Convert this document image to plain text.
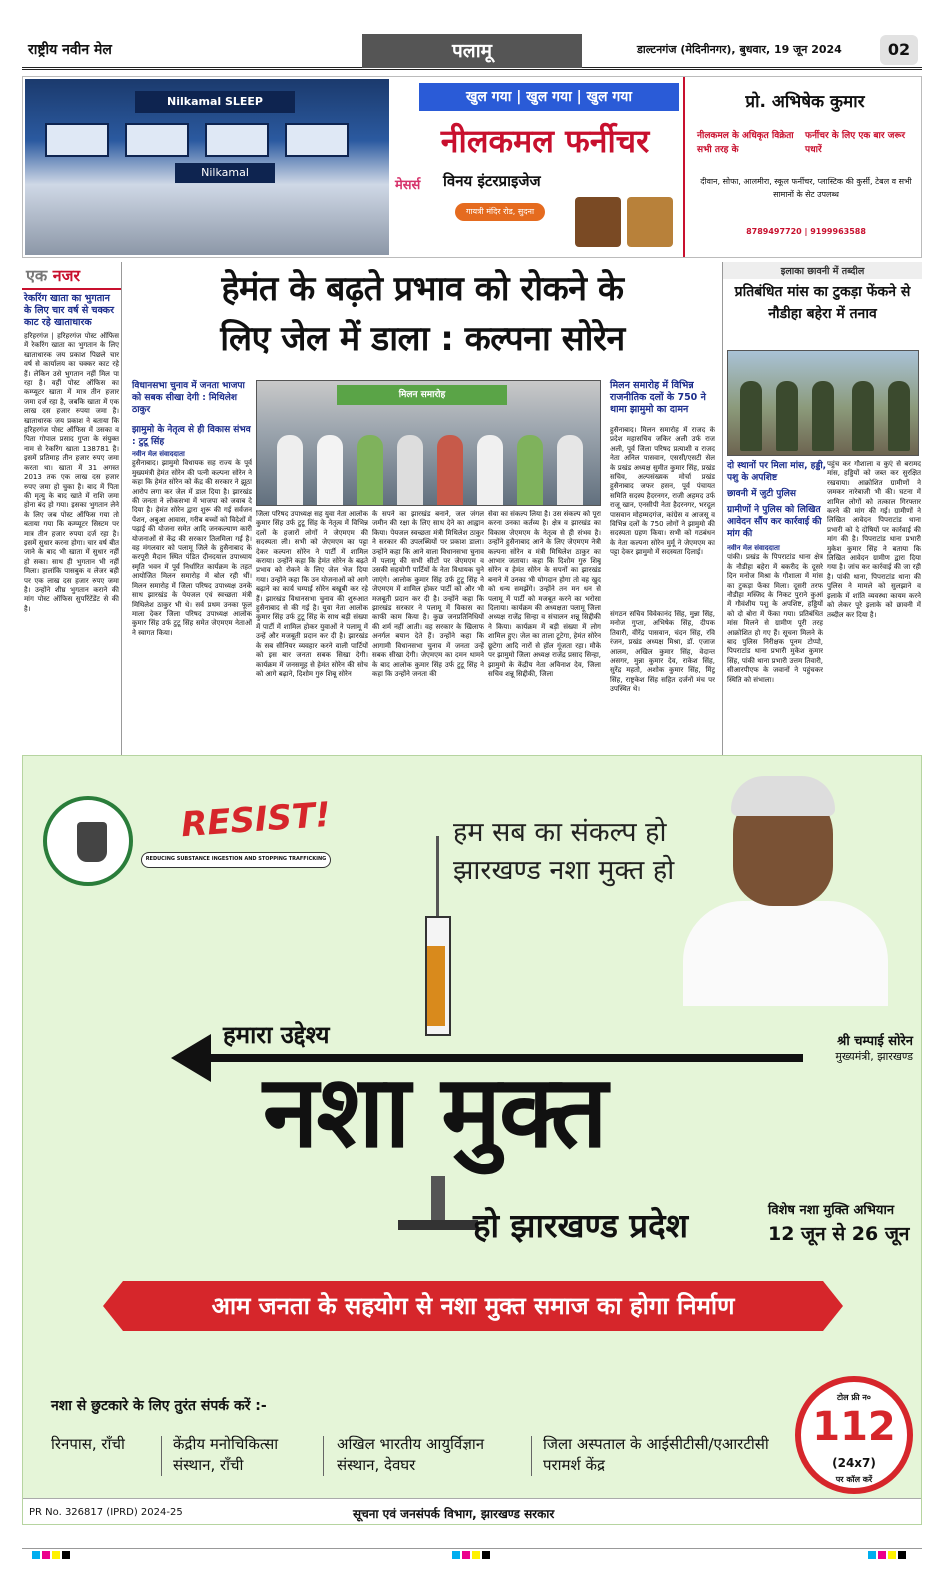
राष्ट्रीय नवीन मेल	पलामू	डाल्टनगंज (मेदिनीनगर), बुधवार, 19 जून 2024	02
Nilkamal SLEEP
Nilkamal
खुल गया | खुल गया | खुल गया
नीलकमल फर्नीचर
मेसर्स विनय इंटरप्राइजेज
गायत्री मंदिर रोड, सुदना
प्रो. अभिषेक कुमार
नीलकमल के अधिकृत विक्रेता सभी तरह के
फर्नीचर के लिए एक बार जरूर पधारें
दीवान, सोफा, आलमीरा, स्कूल फर्नीचर, प्लास्टिक की कुर्सी, टेबल व सभी सामानों के सेट उपलब्ध
8789497720 | 9199963588
एक नजर
रेकरिंग खाता का भुगतान के लिए चार वर्ष से चक्कर काट रहे खाताधारक
हरिहरगंज | हरिहरगंज पोस्ट ऑफिस में रेकरिंग खाता का भुगतान के लिए खाताधारक जय प्रकाश पिछले चार वर्ष से कार्यालय का चक्कर काट रहे हैं। लेकिन उसे भुगतान नहीं मिल पा रहा है। वहीं पोस्ट ऑफिस का कम्प्यूटर खाता में मात्र तीन हजार जमा दर्ज रहा है, जबकि खाता में एक लाख दस हजार रुपया जमा है। खाताधारक जय प्रकाश ने बताया कि हरिहरगंज पोस्ट ऑफिस में उसका व पिता गोपाल प्रसाद गुप्ता के संयुक्त नाम से रेकरिंग खाता 138781 है। इसमें प्रतिमाह तीन हजार रुपए जमा करता था। खाता में 31 अगस्त 2013 तक एक लाख दस हजार रुपए जमा हो चुका है। बाद में पिता की मृत्यु के बाद खाते में राशि जमा होना बंद हो गया। इसका भुगतान लेने के लिए जब पोस्ट ऑफिस गया तो बताया गया कि कम्प्यूटर सिस्टम पर मात्र तीन हजार रुपया दर्ज रहा है। इसमें सुधार करना होगा। चार वर्ष बीत जाने के बाद भी खाता में सुधार नहीं हो सका। साथ ही भुगतान भी नहीं मिला। हालांकि पासबुक व लेजर बही पर एक लाख दस हजार रुपए जमा है। उन्होंने शीघ्र भुगतान कराने की मांग पोस्ट ऑफिस सुपरिंटेंडेंट से की है।
हेमंत के बढ़ते प्रभाव को रोकने के
लिए जेल में डाला : कल्पना सोरेन

विधानसभा चुनाव में जनता भाजपा को सबक सीखा देगी : मिथिलेश ठाकुर

झामुमो के नेतृत्व से ही विकास संभव : टुटू सिंह

मिलन समारोह
मिलन समारोह में विभिन्न राजनीतिक दलों के 750 ने थामा झामुमो का दामन
नवीन मेल संवाददाता
हुसैनाबाद। झामुमो विधायक सह राज्य के पूर्व मुख्यमंत्री हेमंत सोरेन की पत्नी कल्पना सोरेन ने कहा कि हेमंत सोरेन को केंद्र की सरकार ने झूठा आरोप लगा कर जेल में डाल दिया है। झारखंड की जनता ने लोकसभा में भाजपा को जवाब दे दिया है। हेमंत सोरेन द्वारा शुरू की गई सर्वजन पेंशन, अबुआ आवास, गरीब बच्चों को विदेशों में पढ़ाई की योजना समेत आदि जनकल्याण कारी योजनाओं से केंद्र की सरकार तिलमिला गई है। वह मंगलवार को पलामू जिले के हुसैनाबाद के करपूरी मैदान स्थित पंडित दीनदयाल उपाध्याय स्मृति भवन में पूर्व निर्धारित कार्यक्रम के तहत आयोजित मिलन समारोह में बोल रही थीं। मिलन समारोह में जिला परिषद उपाध्यक्ष उनके साथ झारखंड के पेयजल एवं स्वच्छता मंत्री मिथिलेश ठाकुर भी थे। सर्व प्रथम उनका फूल माला देकर जिला परिषद उपाध्यक्ष आलोक कुमार सिंह उर्फ टुटू सिंह समेत जेएमएम नेताओं ने स्वागत किया।
जिला परिषद उपाध्यक्ष सह युवा नेता आलोक कुमार सिंह उर्फ टुटू सिंह के नेतृत्व में विभिन्न दलों के हजारों लोगों ने जेएमएम की सदस्यता ली। सभी को जेएमएम का पट्टा देकर कल्पना सोरेन ने पार्टी में शामिल कराया। उन्होंने कहा कि हेमंत सोरेन के बढ़ते प्रभाव को रोकने के लिए जेल भेज दिया गया। उन्होंने कहा कि उन योजनाओं को आगे बढ़ाने का कार्य चम्पाई सोरेन बखूबी कर रहे हैं। झारखंड विधानसभा चुनाव की शुरुआत हुसैनाबाद से की गई है। युवा नेता आलोक कुमार सिंह उर्फ टुटू सिंह के साथ बड़ी संख्या में पार्टी में शामिल होकर युवाओं ने पलामू में उन्हें और मजबूती प्रदान कर दी है। झारखंड के सब सीनियर व्यवहार करने वाली पार्टियों को इस बार जनता सबक सिखा देगी। कार्यक्रम में जनसमूह से हेमंत सोरेन की सोच को आगे बढ़ाने, दिशोम गुरु शिबू सोरेन
के सपने का झारखंड बनाने, जल जंगल जमीन की रक्षा के लिए साथ देने का आह्वान किया। पेयजल स्वच्छता मंत्री मिथिलेश ठाकुर ने सरकार की उपलब्धियों पर प्रकाश डाला। उन्होंने कहा कि आने वाला विधानसभा चुनाव में पलामू की सभी सीटों पर जेएमएम व उसकी सहयोगी पार्टियों के नेता विधायक चुने जाएंगे। आलोक कुमार सिंह उर्फ टुटू सिंह ने जेएमएम में शामिल होकर पार्टी को और भी मजबूती प्रदान कर दी है। उन्होंने कहा कि झारखंड सरकार ने पलामू में विकास का काफी काम किया है। कुछ जनप्रतिनिधियों की शर्म नहीं आती। वह सरकार के खिलाफ अनर्गल बयान देते हैं। उन्होंने कहा कि आगामी विधानसभा चुनाव में जनता उन्हें सबक सीखा देगी। जेएमएम का दमन थामने के बाद आलोक कुमार सिंह उर्फ टुटू सिंह ने कहा कि उन्होंने जनता की
सेवा का संकल्प लिया है। उस संकल्प को पूरा करना उनका कर्तव्य है। क्षेत्र व झारखंड का विकास जेएमएम के नेतृत्व से ही संभव है। उन्होंने हुसैनाबाद आने के लिए जेएमएम नेत्री कल्पना सोरेन व मंत्री मिथिलेश ठाकुर का आभार जताया। कहा कि दिशोम गुरु शिबू सोरेन व हेमंत सोरेन के सपनों का झारखंड बनाने में उनका भी योगदान होगा तो वह खुद को धन्य समझेंगे। उन्होंने तन मन धन से पलामू में पार्टी को मजबूत करने का भरोसा दिलाया। कार्यक्रम की अध्यक्षता पलामू जिला अध्यक्ष राजेंद्र सिन्हा व संचालन शन्नू सिद्दीकी ने किया। कार्यक्रम में बड़ी संख्या में लोग शामिल हुए। जेल का ताला टूटेगा, हेमंत सोरेन छूटेगा आदि नारों से हॉल गूंजता रहा। मौके पर झामुमो जिला अध्यक्ष राजेंद्र प्रसाद सिन्हा, झामुमो के केंद्रीय नेता अविनाश देव, जिला सचिव शन्नू सिद्दीकी, जिला
हुसैनाबाद। मिलन समारोह में राजद के प्रदेश महासचिव जकिर अली उर्फ राज अली, पूर्व जिला परिषद प्रत्याशी व राजद नेता अनिल पासवान, एससी/एसटी सेल के प्रखंड अध्यक्ष सुमीत कुमार सिंह, प्रखंड सचिव, अल्पसंख्यक मोर्चा प्रखंड हुसैनाबाद जफर हसन, पूर्व पंचायत समिति सदस्य हैदरनगर, राजी अहमद उर्फ राजू खान, एनसीपी नेता हैदरनगर, भरदूल पासवान मोहम्मदगंज, कांग्रेस व आजसू व विभिन्न दलों के 750 लोगों ने झामुमो की सदस्यता ग्रहण किया। सभी को गठबंधन के नेता कल्पना सोरेन मुर्मू ने जेएमएम का पट्टा देकर झामुमो में सदस्यता दिलाई।
संगठन सचिव विवेकानंद सिंह, मुन्ना सिंह, मनोज गुप्ता, अभिषेक सिंह, दीपक तिवारी, वीरेंद्र पासवान, चंदन सिंह, रवि रंजन, प्रखंड अध्यक्ष मिश्रा, डॉ. एजाज आलम, अखिल कुमार सिंह, वेदान्त असगर, मुन्ना कुमार देव, राकेश सिंह, सुरेंद्र महतो, अशोक कुमार सिंह, मिंटू सिंह, राष्ट्रकेश सिंह सहित दर्जनों मंच पर उपस्थित थे।
इलाका छावनी में तब्दील
प्रतिबंधित मांस का टुकड़ा फेंकने से नौडीहा बहेरा में तनाव
दो स्थानों पर मिला मांस, हड्डी, पशु के अपशिष्ट
छावनी में जुटी पुलिस
ग्रामीणों ने पुलिस को लिखित आवेदन सौंप कर कार्रवाई की मांग की
नवीन मेल संवाददाता
पांकी। प्रखंड के पिपराटांड थाना क्षेत्र के नौडीहा बहेरा में बकरीद के दूसरे दिन मनोज मिश्रा के गौशाला में मांस का टुकड़ा फेंका मिला। दूसरी तरफ नौडीहा मस्जिद के निकट पुराने कुआं में गौवंशीय पशु के अपशिष्ट, हड्डियों को दो बोरा में फेंका गया। प्रतिबंधित मांस मिलने से ग्रामीण पूरी तरह आक्रोशित हो गए हैं। सूचना मिलने के बाद पुलिस निरीक्षक पूनम टोप्पो, पिपराटांड थाना प्रभारी मुकेश कुमार सिंह, पांकी थाना प्रभारी उत्तम तिवारी, सीआरपीएफ के जवानों ने पहुंचकर स्थिति को संभाला।
पहुंच कर गौशाला व कुएं से बरामद मांस, हड्डियों को जब्त कर सुरक्षित रखवाया। आक्रोशित ग्रामीणों ने जमकर नारेबाजी भी की। घटना में शामिल लोगों को तत्काल गिरफ्तार करने की मांग की गई। ग्रामीणों ने लिखित आवेदन पिपराटांड थाना प्रभारी को दे दोषियों पर कार्रवाई की मांग की है। पिपराटांड थाना प्रभारी मुकेश कुमार सिंह ने बताया कि लिखित आवेदन ग्रामीण द्वारा दिया गया है। जांच कर कार्रवाई की जा रही है। पांकी थाना, पिपराटांड थाना की पुलिस ने मामले को सुलझाने व इलाके में शांति व्यवस्था कायम करने को लेकर पूरे इलाके को छावनी में तब्दील कर दिया है।
RESIST!
REDUCING SUBSTANCE INGESTION AND STOPPING TRAFFICKING
हम सब का संकल्प हो
झारखण्ड नशा मुक्त हो
श्री चम्पाई सोरेन
मुख्यमंत्री, झारखण्ड
हमारा उद्देश्य
नशा मुक्त
हो झारखण्ड प्रदेश	विशेष नशा मुक्ति अभियान
12 जून से 26 जून
आम जनता के सहयोग से नशा मुक्त समाज का होगा निर्माण
नशा से छुटकारे के लिए तुरंत संपर्क करें :-
रिनपास, राँची	केंद्रीय मनोचिकित्सा संस्थान, राँची
अखिल भारतीय आयुर्विज्ञान संस्थान, देवघर
जिला अस्पताल के आईसीटीसी/एआरटीसी परामर्श केंद्र
टोल फ्री न०
112
(24x7)
पर कॉल करें
PR No. 326817 (IPRD) 2024-25	सूचना एवं जनसंपर्क विभाग, झारखण्ड सरकार
